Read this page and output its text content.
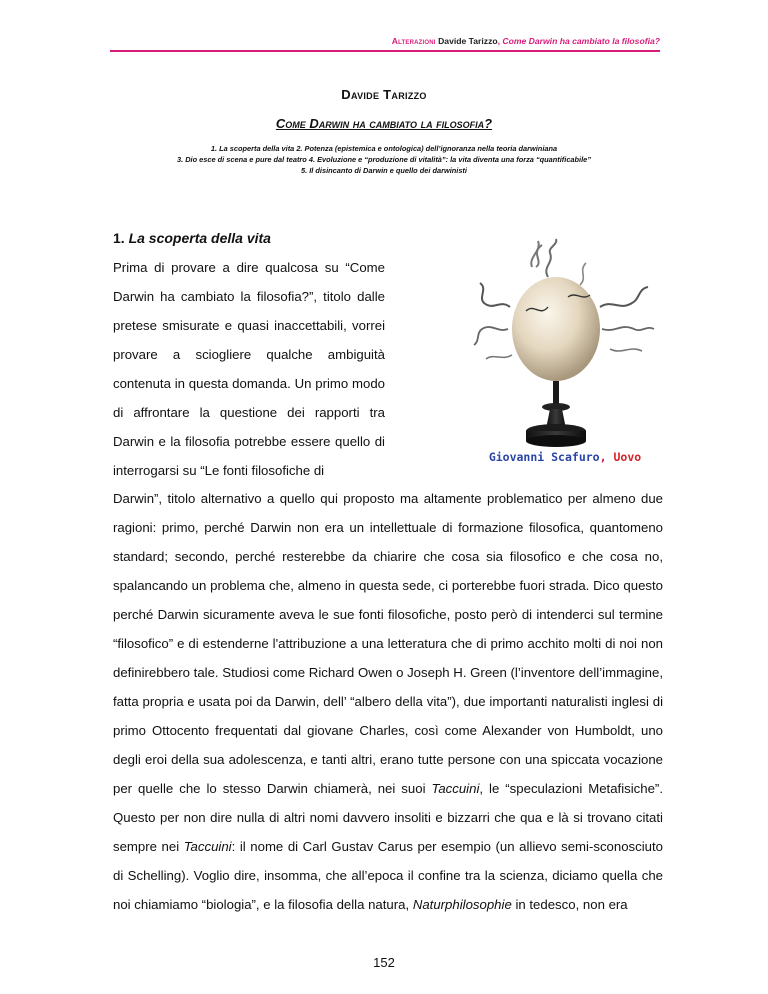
Alterazioni Davide Tarizzo, Come Darwin ha cambiato la filosofia?
Davide Tarizzo
Come Darwin ha cambiato la filosofia?
1. La scoperta della vita 2. Potenza (epistemica e ontologica) dell’ignoranza nella teoria darwiniana
3. Dio esce di scena e pure dal teatro 4. Evoluzione e “produzione di vitalità”: la vita diventa una forza “quantificabile”
5. Il disincanto di Darwin e quello dei darwinisti
1. La scoperta della vita
Prima di provare a dire qualcosa su “Come Darwin ha cambiato la filosofia?”, titolo dalle pretese smisurate e quasi inaccettabili, vorrei provare a sciogliere qualche ambiguità contenuta in questa domanda. Un primo modo di affrontare la questione dei rapporti tra Darwin e la filosofia potrebbe essere quello di interrogarsi su “Le fonti filosofiche di
Giovanni Scafuro, Uovo
Darwin”, titolo alternativo a quello qui proposto ma altamente problematico per almeno due ragioni: primo, perché Darwin non era un intellettuale di formazione filosofica, quantomeno standard; secondo, perché resterebbe da chiarire che cosa sia filosofico e che cosa no, spalancando un problema che, almeno in questa sede, ci porterebbe fuori strada. Dico questo perché Darwin sicuramente aveva le sue fonti filosofiche, posto però di intenderci sul termine “filosofico” e di estenderne l'attribuzione a una letteratura che di primo acchito molti di noi non definirebbero tale. Studiosi come Richard Owen o Joseph H. Green (l’inventore dell’immagine, fatta propria e usata poi da Darwin, dell’ “albero della vita”), due importanti naturalisti inglesi di primo Ottocento frequentati dal giovane Charles, così come Alexander von Humboldt, uno degli eroi della sua adolescenza, e tanti altri, erano tutte persone con una spiccata vocazione per quelle che lo stesso Darwin chiamerà, nei suoi Taccuini, le “speculazioni Metafisiche”. Questo per non dire nulla di altri nomi davvero insoliti e bizzarri che qua e là si trovano citati sempre nei Taccuini: il nome di Carl Gustav Carus per esempio (un allievo semi-sconosciuto di Schelling). Voglio dire, insomma, che all’epoca il confine tra la scienza, diciamo quella che noi chiamiamo “biologia”, e la filosofia della natura, Naturphilosophie in tedesco, non era
152
